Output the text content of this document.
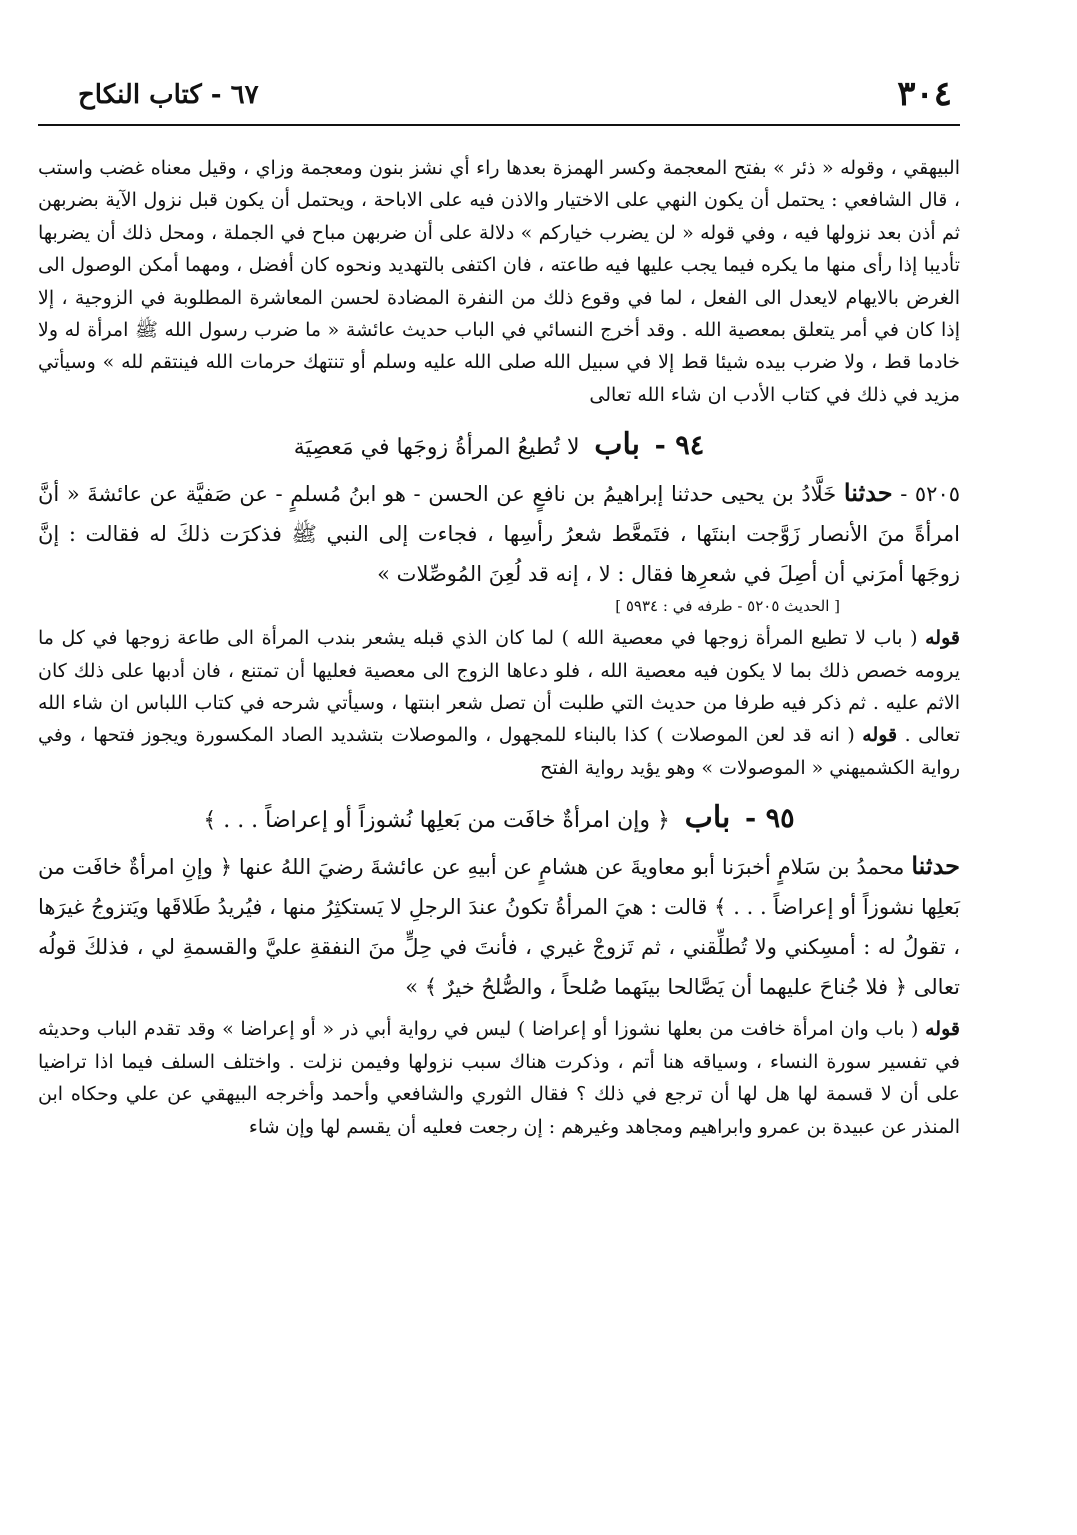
٣٠٤
٦٧ - كتاب النكاح

البيهقي ، وقوله « ذئر » بفتح المعجمة وكسر الهمزة بعدها راء أي نشز بنون ومعجمة وزاي ، وقيل معناه غضب واستب ، قال الشافعي : يحتمل أن يكون النهي على الاختيار والاذن فيه على الاباحة ، ويحتمل أن يكون قبل نزول الآية بضربهن ثم أذن بعد نزولها فيه ، وفي قوله « لن يضرب خياركم » دلالة على أن ضربهن مباح في الجملة ، ومحل ذلك أن يضربها تأديبا إذا رأى منها ما يكره فيما يجب عليها فيه طاعته ، فان اكتفى بالتهديد ونحوه كان أفضل ، ومهما أمكن الوصول الى الغرض بالايهام لايعدل الى الفعل ، لما في وقوع ذلك من النفرة المضادة لحسن المعاشرة المطلوبة في الزوجية ، إلا إذا كان في أمر يتعلق بمعصية الله . وقد أخرج النسائي في الباب حديث عائشة « ما ضرب رسول الله ﷺ امرأة له ولا خادما قط ، ولا ضرب بيده شيئا قط إلا في سبيل الله صلى الله عليه وسلم أو تنتهك حرمات الله فينتقم لله » وسيأتي مزيد في ذلك في كتاب الأدب ان شاء الله تعالى

٩٤ - باب لا تُطيعُ المرأةُ زوجَها في مَعصِيَة

٥٢٠٥ - حدثنا خَلَّادُ بن يحيى حدثنا إبراهيمُ بن نافعٍ عن الحسن - هو ابنُ مُسلمٍ - عن صَفيَّة عن عائشةَ « أنَّ امرأةً منَ الأنصار زَوَّجت ابنتَها ، فتَمعَّط شعرُ رأسِها ، فجاءت إلى النبي ﷺ فذكرَت ذلكَ له فقالت : إنَّ زوجَها أمرَني أن أصِلَ في شعرِها فقال : لا ، إنه قد لُعِنَ المُوصِّلات »

[ الحديث ٥٢٠٥ - طرفه في : ٥٩٣٤ ]

قوله ( باب لا تطيع المرأة زوجها في معصية الله ) لما كان الذي قبله يشعر بندب المرأة الى طاعة زوجها في كل ما يرومه خصص ذلك بما لا يكون فيه معصية الله ، فلو دعاها الزوج الى معصية فعليها أن تمتنع ، فان أدبها على ذلك كان الاثم عليه . ثم ذكر فيه طرفا من حديث التي طلبت أن تصل شعر ابنتها ، وسيأتي شرحه في كتاب اللباس ان شاء الله تعالى . قوله ( انه قد لعن الموصلات ) كذا بالبناء للمجهول ، والموصلات بتشديد الصاد المكسورة ويجوز فتحها ، وفي رواية الكشميهني « الموصولات » وهو يؤيد رواية الفتح

٩٥ - باب ﴿ وإن امرأةٌ خافَت من بَعلِها نُشوزاً أو إعراضاً . . . ﴾

حدثنا محمدُ بن سَلامٍ أخبرَنا أبو معاويةَ عن هشامٍ عن أبيهِ عن عائشةَ رضيَ اللهُ عنها ﴿ وإنِ امرأةٌ خافَت من بَعلِها نشوزاً أو إعراضاً . . . ﴾ قالت : هيَ المرأةُ تكونُ عندَ الرجلِ لا يَستكثِرُ منها ، فيُريدُ طَلاقَها ويَتزوجُ غيرَها ، تقولُ له : أمسِكني ولا تُطلِّقني ، ثم تَزوجْ غيري ، فأنتَ في حِلٍّ منَ النفقةِ عليَّ والقسمةِ لي ، فذلكَ قولُه تعالى ﴿ فلا جُناحَ عليهما أن يَصَّالحا بينَهما صُلحاً ، والصُّلحُ خيرٌ ﴾ »

قوله ( باب وان امرأة خافت من بعلها نشوزا أو إعراضا ) ليس في رواية أبي ذر « أو إعراضا » وقد تقدم الباب وحديثه في تفسير سورة النساء ، وسياقه هنا أتم ، وذكرت هناك سبب نزولها وفيمن نزلت . واختلف السلف فيما اذا تراضيا على أن لا قسمة لها هل لها أن ترجع في ذلك ؟ فقال الثوري والشافعي وأحمد وأخرجه البيهقي عن علي وحكاه ابن المنذر عن عبيدة بن عمرو وابراهيم ومجاهد وغيرهم : إن رجعت فعليه أن يقسم لها وإن شاء
